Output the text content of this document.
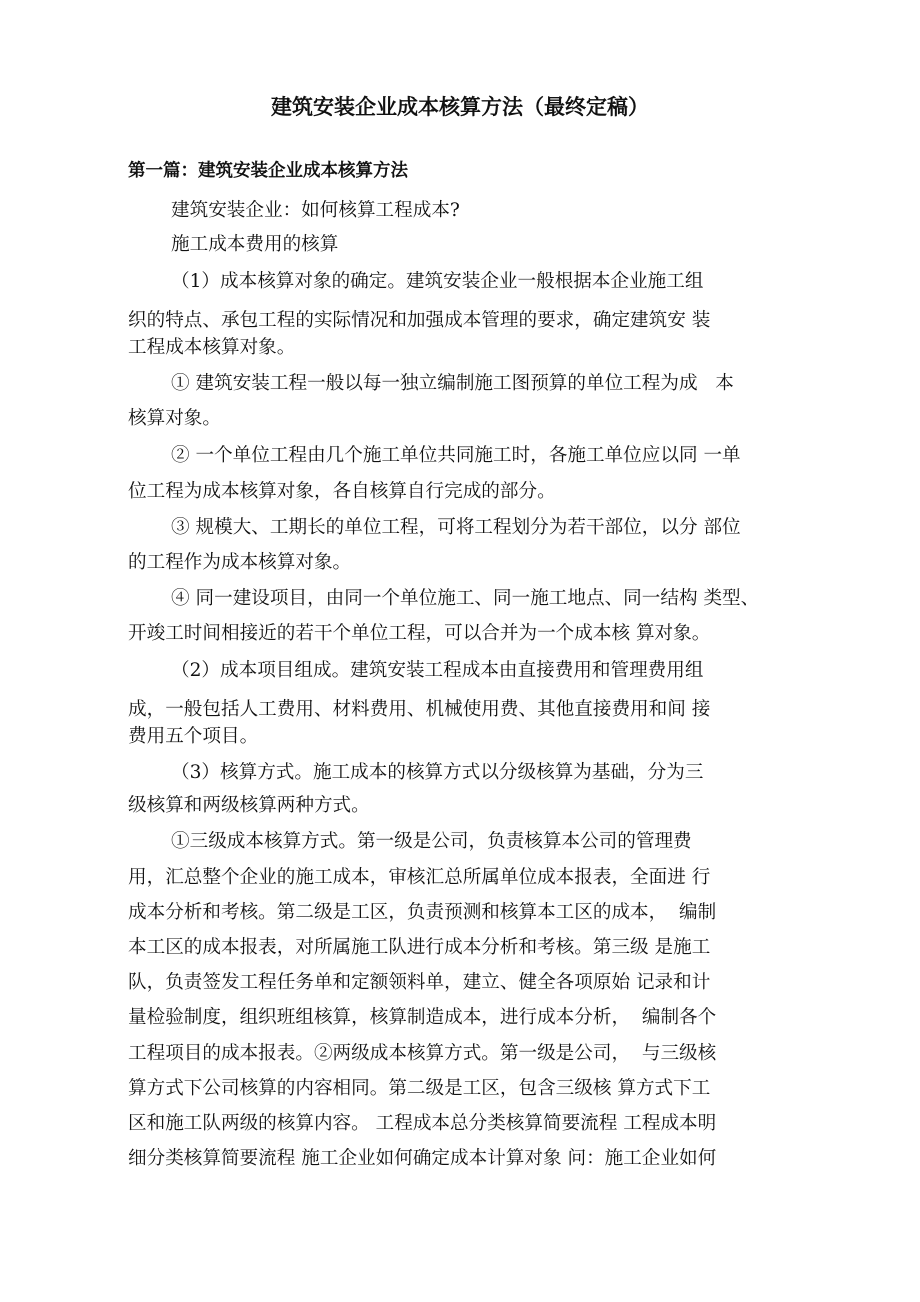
建筑安装企业成本核算方法（最终定稿）
第一篇：建筑安装企业成本核算方法
建筑安装企业：如何核算工程成本?
施工成本费用的核算
（1）成本核算对象的确定。建筑安装企业一般根据本企业施工组
织的特点、承包工程的实际情况和加强成本管理的要求，确定建筑安 装
工程成本核算对象。
① 建筑安装工程一般以每一独立编制施工图预算的单位工程为成   本
核算对象。
② 一个单位工程由几个施工单位共同施工时，各施工单位应以同 一单
位工程为成本核算对象，各自核算自行完成的部分。
③ 规模大、工期长的单位工程，可将工程划分为若干部位，以分 部位
的工程作为成本核算对象。
④ 同一建设项目，由同一个单位施工、同一施工地点、同一结构 类型、
开竣工时间相接近的若干个单位工程，可以合并为一个成本核 算对象。
（2）成本项目组成。建筑安装工程成本由直接费用和管理费用组
成，一般包括人工费用、材料费用、机械使用费、其他直接费用和间 接
费用五个项目。
（3）核算方式。施工成本的核算方式以分级核算为基础，分为三
级核算和两级核算两种方式。
①三级成本核算方式。第一级是公司，负责核算本公司的管理费
用，汇总整个企业的施工成本，审核汇总所属单位成本报表，全面进 行
成本分析和考核。第二级是工区，负责预测和核算本工区的成本，  编制
本工区的成本报表，对所属施工队进行成本分析和考核。第三级 是施工
队，负责签发工程任务单和定额领料单，建立、健全各项原始 记录和计
量检验制度，组织班组核算，核算制造成本，进行成本分析，  编制各个
工程项目的成本报表。②两级成本核算方式。第一级是公司，  与三级核
算方式下公司核算的内容相同。第二级是工区，包含三级核 算方式下工
区和施工队两级的核算内容。 工程成本总分类核算简要流程 工程成本明
细分类核算简要流程 施工企业如何确定成本计算对象 问：施工企业如何
